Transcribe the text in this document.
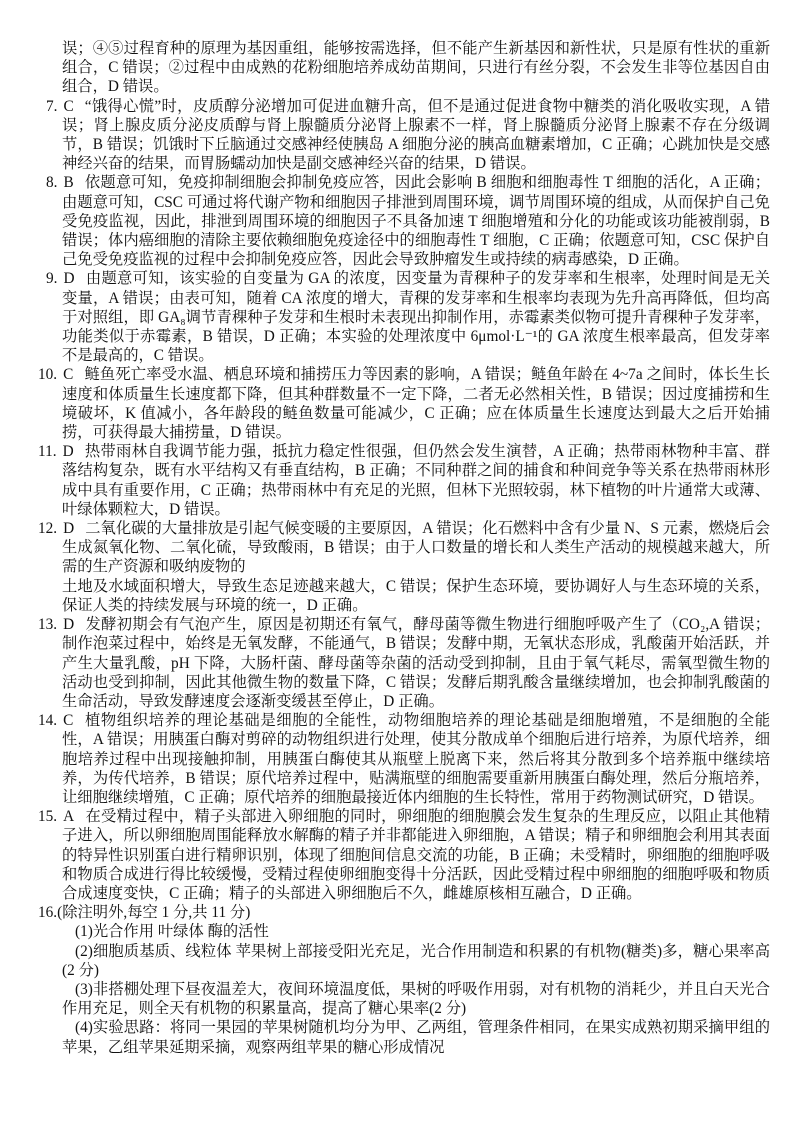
误；④⑤过程育种的原理为基因重组，能够按需选择，但不能产生新基因和新性状，只是原有性状的重新组合，C 错误；②过程中由成熟的花粉细胞培养成幼苗期间，只进行有丝分裂，不会发生非等位基因自由组合，D 错误。

7. C “饿得心慌”时，皮质醇分泌增加可促进血糖升高，但不是通过促进食物中糖类的消化吸收实现，A 错误；肾上腺皮质分泌皮质醇与肾上腺髓质分泌肾上腺素不一样，肾上腺髓质分泌肾上腺素不存在分级调节，B 错误；饥饿时下丘脑通过交感神经使胰岛 A 细胞分泌的胰高血糖素增加，C 正确；心跳加快是交感神经兴奋的结果，而胃肠蠕动加快是副交感神经兴奋的结果，D 错误。

8. B 依题意可知，免疫抑制细胞会抑制免疫应答，因此会影响 B 细胞和细胞毒性 T 细胞的活化，A 正确；由题意可知，CSC 可通过将代谢产物和细胞因子排泄到周围环境，调节周围环境的组成，从而保护自己免受免疫监视，因此，排泄到周围环境的细胞因子不具备加速 T 细胞增殖和分化的功能或该功能被削弱，B 错误；体内癌细胞的清除主要依赖细胞免疫途径中的细胞毒性 T 细胞，C 正确；依题意可知，CSC 保护自己免受免疫监视的过程中会抑制免疫应答，因此会导致肿瘤发生或持续的病毒感染，D 正确。

9. D 由题意可知，该实验的自变量为 GA 的浓度，因变量为青稞种子的发芽率和生根率，处理时间是无关变量，A 错误；由表可知，随着 CA 浓度的增大，青稞的发芽率和生根率均表现为先升高再降低，但均高于对照组，即 GA₈调节青稞种子发芽和生根时未表现出抑制作用，赤霉素类似物可提升青稞种子发芽率，功能类似于赤霉素，B 错误，D 正确；本实验的处理浓度中 6μmol·L⁻¹的 GA 浓度生根率最高，但发芽率不是最高的，C 错误。

10. C 鲢鱼死亡率受水温、栖息环境和捕捞压力等因素的影响，A 错误；鲢鱼年龄在 4~7a 之间时，体长生长速度和体质量生长速度都下降，但其种群数量不一定下降，二者无必然相关性，B 错误；因过度捕捞和生境破坏，K 值减小，各年龄段的鲢鱼数量可能减少，C 正确；应在体质量生长速度达到最大之后开始捕捞，可获得最大捕捞量，D 错误。

11. D 热带雨林自我调节能力强，抵抗力稳定性很强，但仍然会发生演替，A 正确；热带雨林物种丰富、群落结构复杂，既有水平结构又有垂直结构，B 正确；不同种群之间的捕食和种间竞争等关系在热带雨林形成中具有重要作用，C 正确；热带雨林中有充足的光照，但林下光照较弱，林下植物的叶片通常大或薄、叶绿体颗粒大，D 错误。

12. D 二氧化碳的大量排放是引起气候变暖的主要原因，A 错误；化石燃料中含有少量 N、S 元素，燃烧后会生成氮氧化物、二氧化硫，导致酸雨，B 错误；由于人口数量的增长和人类生产活动的规模越来越大，所需的生产资源和吸纳废物的
土地及水域面积增大，导致生态足迹越来越大，C 错误；保护生态环境，要协调好人与生态环境的关系，保证人类的持续发展与环境的统一，D 正确。

13. D 发酵初期会有气泡产生，原因是初期还有氧气，酵母菌等微生物进行细胞呼吸产生了（CO₂,A 错误；制作泡菜过程中，始终是无氧发酵，不能通气，B 错误；发酵中期，无氧状态形成，乳酸菌开始活跃，并产生大量乳酸，pH 下降，大肠杆菌、酵母菌等杂菌的活动受到抑制，且由于氧气耗尽，需氧型微生物的活动也受到抑制，因此其他微生物的数量下降，C 错误；发酵后期乳酸含量继续增加，也会抑制乳酸菌的生命活动，导致发酵速度会逐渐变缓甚至停止，D 正确。

14. C 植物组织培养的理论基础是细胞的全能性，动物细胞培养的理论基础是细胞增殖，不是细胞的全能性，A 错误；用胰蛋白酶对剪碎的动物组织进行处理，使其分散成单个细胞后进行培养，为原代培养，细胞培养过程中出现接触抑制，用胰蛋白酶使其从瓶壁上脱离下来，然后将其分散到多个培养瓶中继续培养，为传代培养，B 错误；原代培养过程中，贴满瓶壁的细胞需要重新用胰蛋白酶处理，然后分瓶培养，让细胞继续增殖，C 正确；原代培养的细胞最接近体内细胞的生长特性，常用于药物测试研究，D 错误。

15. A 在受精过程中，精子头部进入卵细胞的同时，卵细胞的细胞膜会发生复杂的生理反应，以阻止其他精子进入，所以卵细胞周围能释放水解酶的精子并非都能进入卵细胞，A 错误；精子和卵细胞会利用其表面的特异性识别蛋白进行精卵识别，体现了细胞间信息交流的功能，B 正确；未受精时，卵细胞的细胞呼吸和物质合成进行得比较缓慢，受精过程使卵细胞变得十分活跃，因此受精过程中卵细胞的细胞呼吸和物质合成速度变快，C 正确；精子的头部进入卵细胞后不久，雌雄原核相互融合，D 正确。

16.(除注明外,每空 1 分,共 11 分)

(1)光合作用 叶绿体 酶的活性

(2)细胞质基质、线粒体 苹果树上部接受阳光充足，光合作用制造和积累的有机物(糖类)多，糖心果率高(2 分)

(3)非搭棚处理下昼夜温差大，夜间环境温度低，果树的呼吸作用弱，对有机物的消耗少，并且白天光合作用充足，则全天有机物的积累量高，提高了糖心果率(2 分)

(4)实验思路：将同一果园的苹果树随机均分为甲、乙两组，管理条件相同，在果实成熟初期采摘甲组的苹果，乙组苹果延期采摘，观察两组苹果的糖心形成情况
